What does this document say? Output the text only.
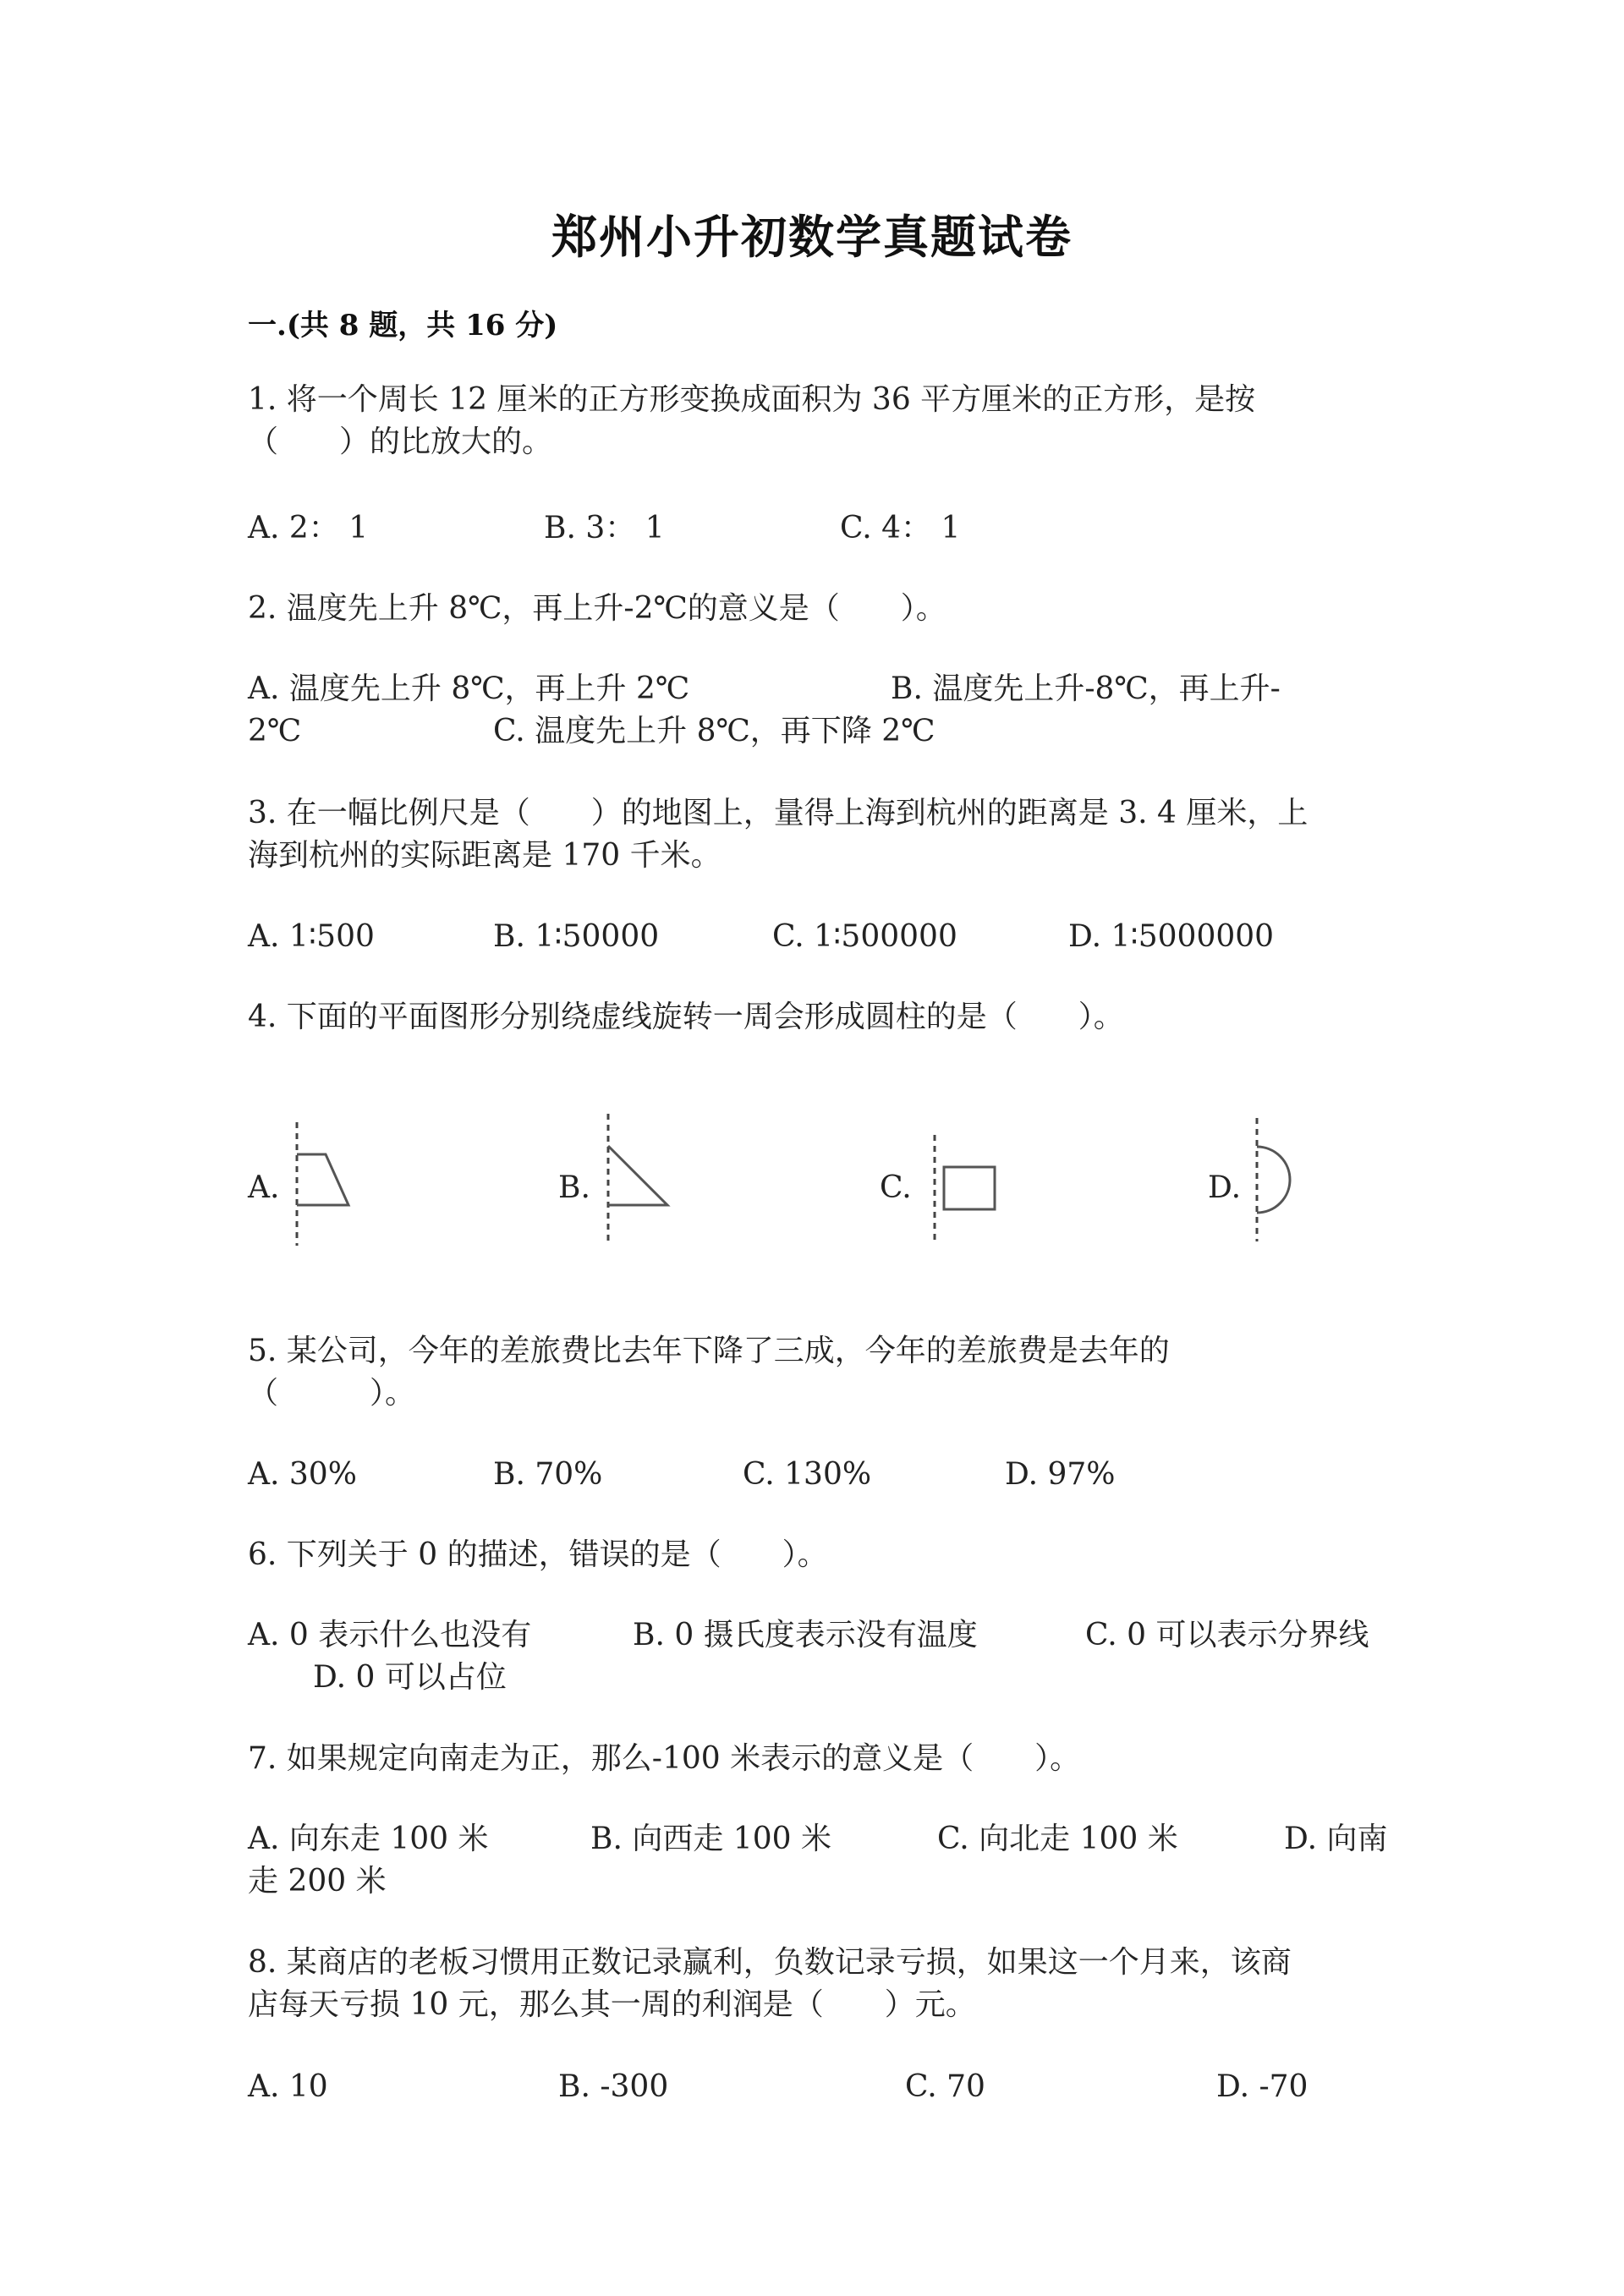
郑州小升初数学真题试卷
一.(共 8 题，共 16 分)
1. 将一个周长 12 厘米的正方形变换成面积为 36 平方厘米的正方形，是按
（　　）的比放大的。
A. 2： 1	B. 3： 1	C. 4： 1
2. 温度先上升 8℃，再上升-2℃的意义是（　　）。
A. 温度先上升 8℃，再上升 2℃	B. 温度先上升-8℃，再上升-
2℃	C. 温度先上升 8℃，再下降 2℃
3. 在一幅比例尺是（　　）的地图上，量得上海到杭州的距离是 3. 4 厘米，上
海到杭州的实际距离是 170 千米。
A. 1∶500	B. 1∶50000	C. 1∶500000	D. 1∶5000000
4. 下面的平面图形分别绕虚线旋转一周会形成圆柱的是（　　）。
A.	B.	C.	D.
5. 某公司，今年的差旅费比去年下降了三成，今年的差旅费是去年的
（　　　）。
A. 30%	B. 70%	C. 130%	D. 97%
6. 下列关于 0 的描述，错误的是（　　）。
A. 0 表示什么也没有	B. 0 摄氏度表示没有温度	C. 0 可以表示分界线
D. 0 可以占位
7. 如果规定向南走为正，那么-100 米表示的意义是（　　）。
A. 向东走 100 米	B. 向西走 100 米	C. 向北走 100 米	D. 向南
走 200 米
8. 某商店的老板习惯用正数记录赢利，负数记录亏损，如果这一个月来，该商
店每天亏损 10 元，那么其一周的利润是（　　）元。
A. 10	B. -300	C. 70	D. -70
